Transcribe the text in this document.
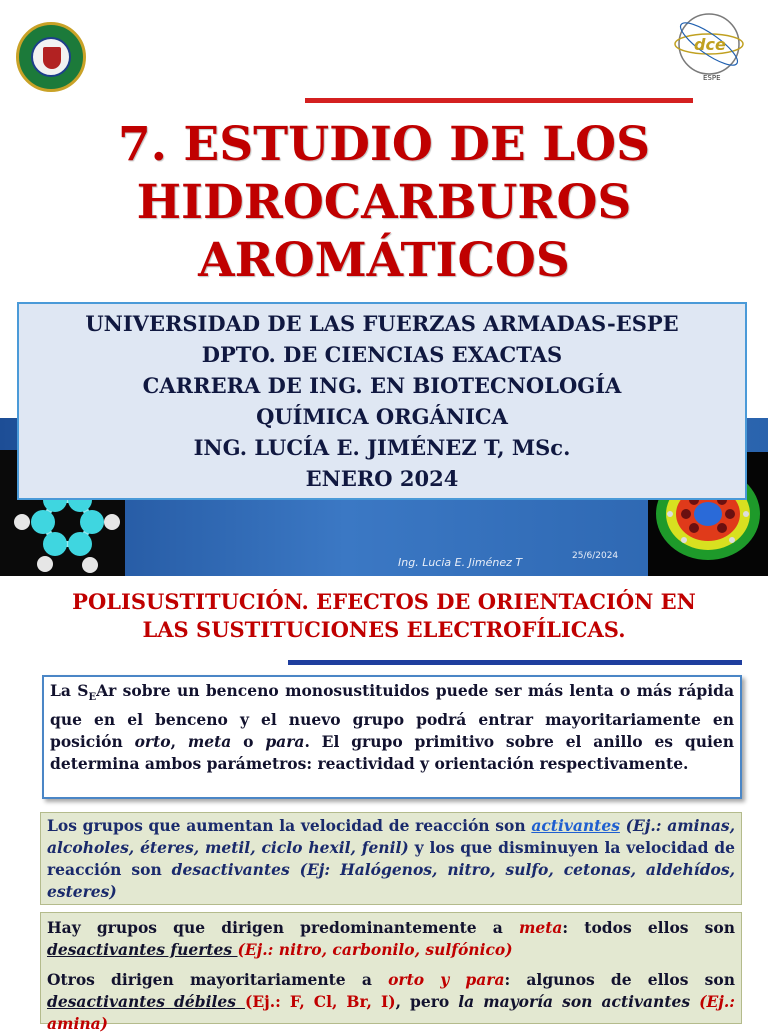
dce
ESPE
7. ESTUDIO DE LOS
HIDROCARBUROS
AROMÁTICOS
UNIVERSIDAD DE LAS FUERZAS ARMADAS-ESPE
DPTO. DE CIENCIAS EXACTAS
CARRERA DE ING. EN BIOTECNOLOGÍA
QUÍMICA ORGÁNICA
ING. LUCÍA E. JIMÉNEZ T, MSc.
ENERO 2024
Ing. Lucia E. Jiménez T	25/6/2024
POLISUSTITUCIÓN. EFECTOS DE ORIENTACIÓN EN
LAS SUSTITUCIONES ELECTROFÍLICAS.
La $S_EAr$ sobre un benceno monosustituidos puede ser más lenta o más rápida que en el benceno y el nuevo grupo podrá entrar mayoritariamente en posición orto, meta o para. El grupo primitivo sobre el anillo es quien determina ambos parámetros: reactividad y orientación respectivamente.
Los grupos que aumentan la velocidad de reacción son activantes (Ej.: aminas, alcoholes, éteres, metil, ciclo hexil, fenil) y los que disminuyen la velocidad de reacción son desactivantes (Ej: Halógenos, nitro, sulfo, cetonas, aldehídos, esteres)
Hay grupos que dirigen predominantemente a meta: todos ellos son desactivantes fuertes (Ej.: nitro, carbonilo, sulfónico)
Otros dirigen mayoritariamente a orto y para: algunos de ellos son desactivantes débiles (Ej.: F, Cl, Br, I), pero la mayoría son activantes (Ej.: amina)
